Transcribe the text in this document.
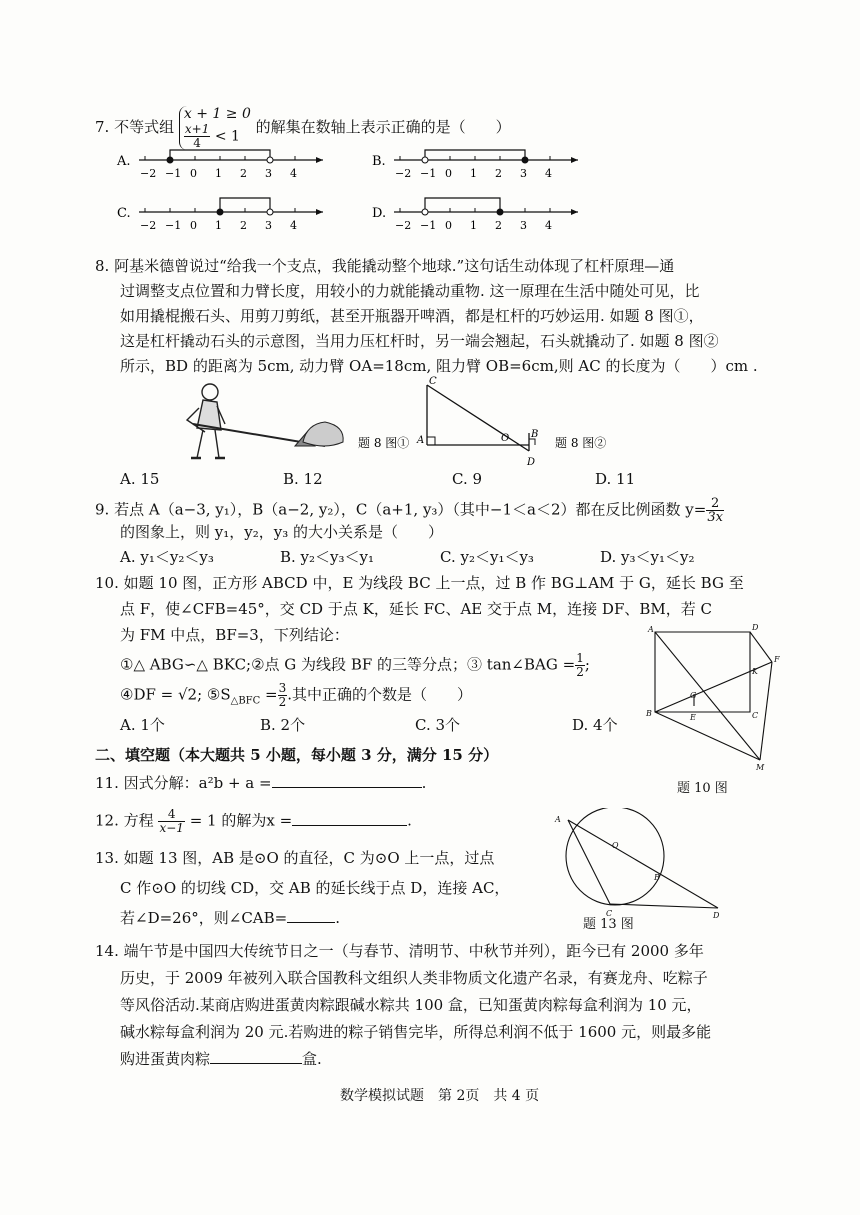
7. 不等式组
x + 1 ≥ 0
$\frac{x+1}{4} < 1$
的解集在数轴上表示正确的是（　　）
A.
−2 −1 0 1 2 3 4
B.
−2 −1 0 1 2 3 4
C.
−2 −1 0 1 2 3 4
D.
−2 −1 0 1 2 3 4
8. 阿基米德曾说过“给我一个支点，我能撬动整个地球.”这句话生动体现了杠杆原理—通
过调整支点位置和力臂长度，用较小的力就能撬动重物. 这一原理在生活中随处可见，比
如用撬棍搬石头、用剪刀剪纸，甚至开瓶器开啤酒，都是杠杆的巧妙运用. 如题 8 图①，
这是杠杆撬动石头的示意图，当用力压杠杆时，另一端会翘起，石头就撬动了. 如题 8 图②
所示，BD 的距离为 5cm, 动力臂 OA=18cm, 阻力臂 OB=6cm,则 AC 的长度为（　　）cm .
题 8 图①
C
A	O B
D
题 8 图②
A. 15	B. 12	C. 9	D. 11
9. 若点 A（a−3, y₁），B（a−2, y₂），C（a+1, y₃）（其中−1＜a＜2）都在反比例函数 $y= \frac{2}{3x}$
的图象上，则 y₁，y₂，y₃ 的大小关系是（　　）
A. y₁＜y₂＜y₃	B. y₂＜y₃＜y₁	C. y₂＜y₁＜y₃	D. y₃＜y₁＜y₂
10. 如题 10 图，正方形 ABCD 中，E 为线段 BC 上一点，过 B 作 BG⊥AM 于 G，延长 BG 至
点 F，使∠CFB=45°，交 CD 于点 K，延长 FC、AE 交于点 M，连接 DF、BM，若 C
为 FM 中点，BF=3，下列结论：
①△ ABG∽△ BKC;②点 G 为线段 BF 的三等分点；③ tan∠BAG = $\frac{1}{2}$ ;
④DF = √2; $⑤S_{\triangle BFC} = \frac{3}{2}$ .其中正确的个数是（　　）
A. 1个	B. 2个	C. 3个	D. 4个
A	D
F
K
G
B	E	C
M
二、填空题（本大题共 5 小题，每小题 3 分，满分 15 分）
11. 因式分解：a²b + a =	.	题 10 图
12. 方程 $\frac{4}{x-1} = 1$ 的解为x =	.
13. 如题 13 图，AB 是⊙O 的直径，C 为⊙O 上一点，过点
C 作⊙O 的切线 CD，交 AB 的延长线于点 D，连接 AC，
若∠D=26°，则∠CAB=	.
A
O
B
C	D
题 13 图
14. 端午节是中国四大传统节日之一（与春节、清明节、中秋节并列），距今已有 2000 多年
历史，于 2009 年被列入联合国教科文组织人类非物质文化遗产名录，有赛龙舟、吃粽子
等风俗活动.某商店购进蛋黄肉粽跟碱水粽共 100 盒，已知蛋黄肉粽每盒利润为 10 元，
碱水粽每盒利润为 20 元.若购进的粽子销售完毕，所得总利润不低于 1600 元，则最多能
购进蛋黄肉粽	盒.
数学模拟试题　第 2页　共 4 页
